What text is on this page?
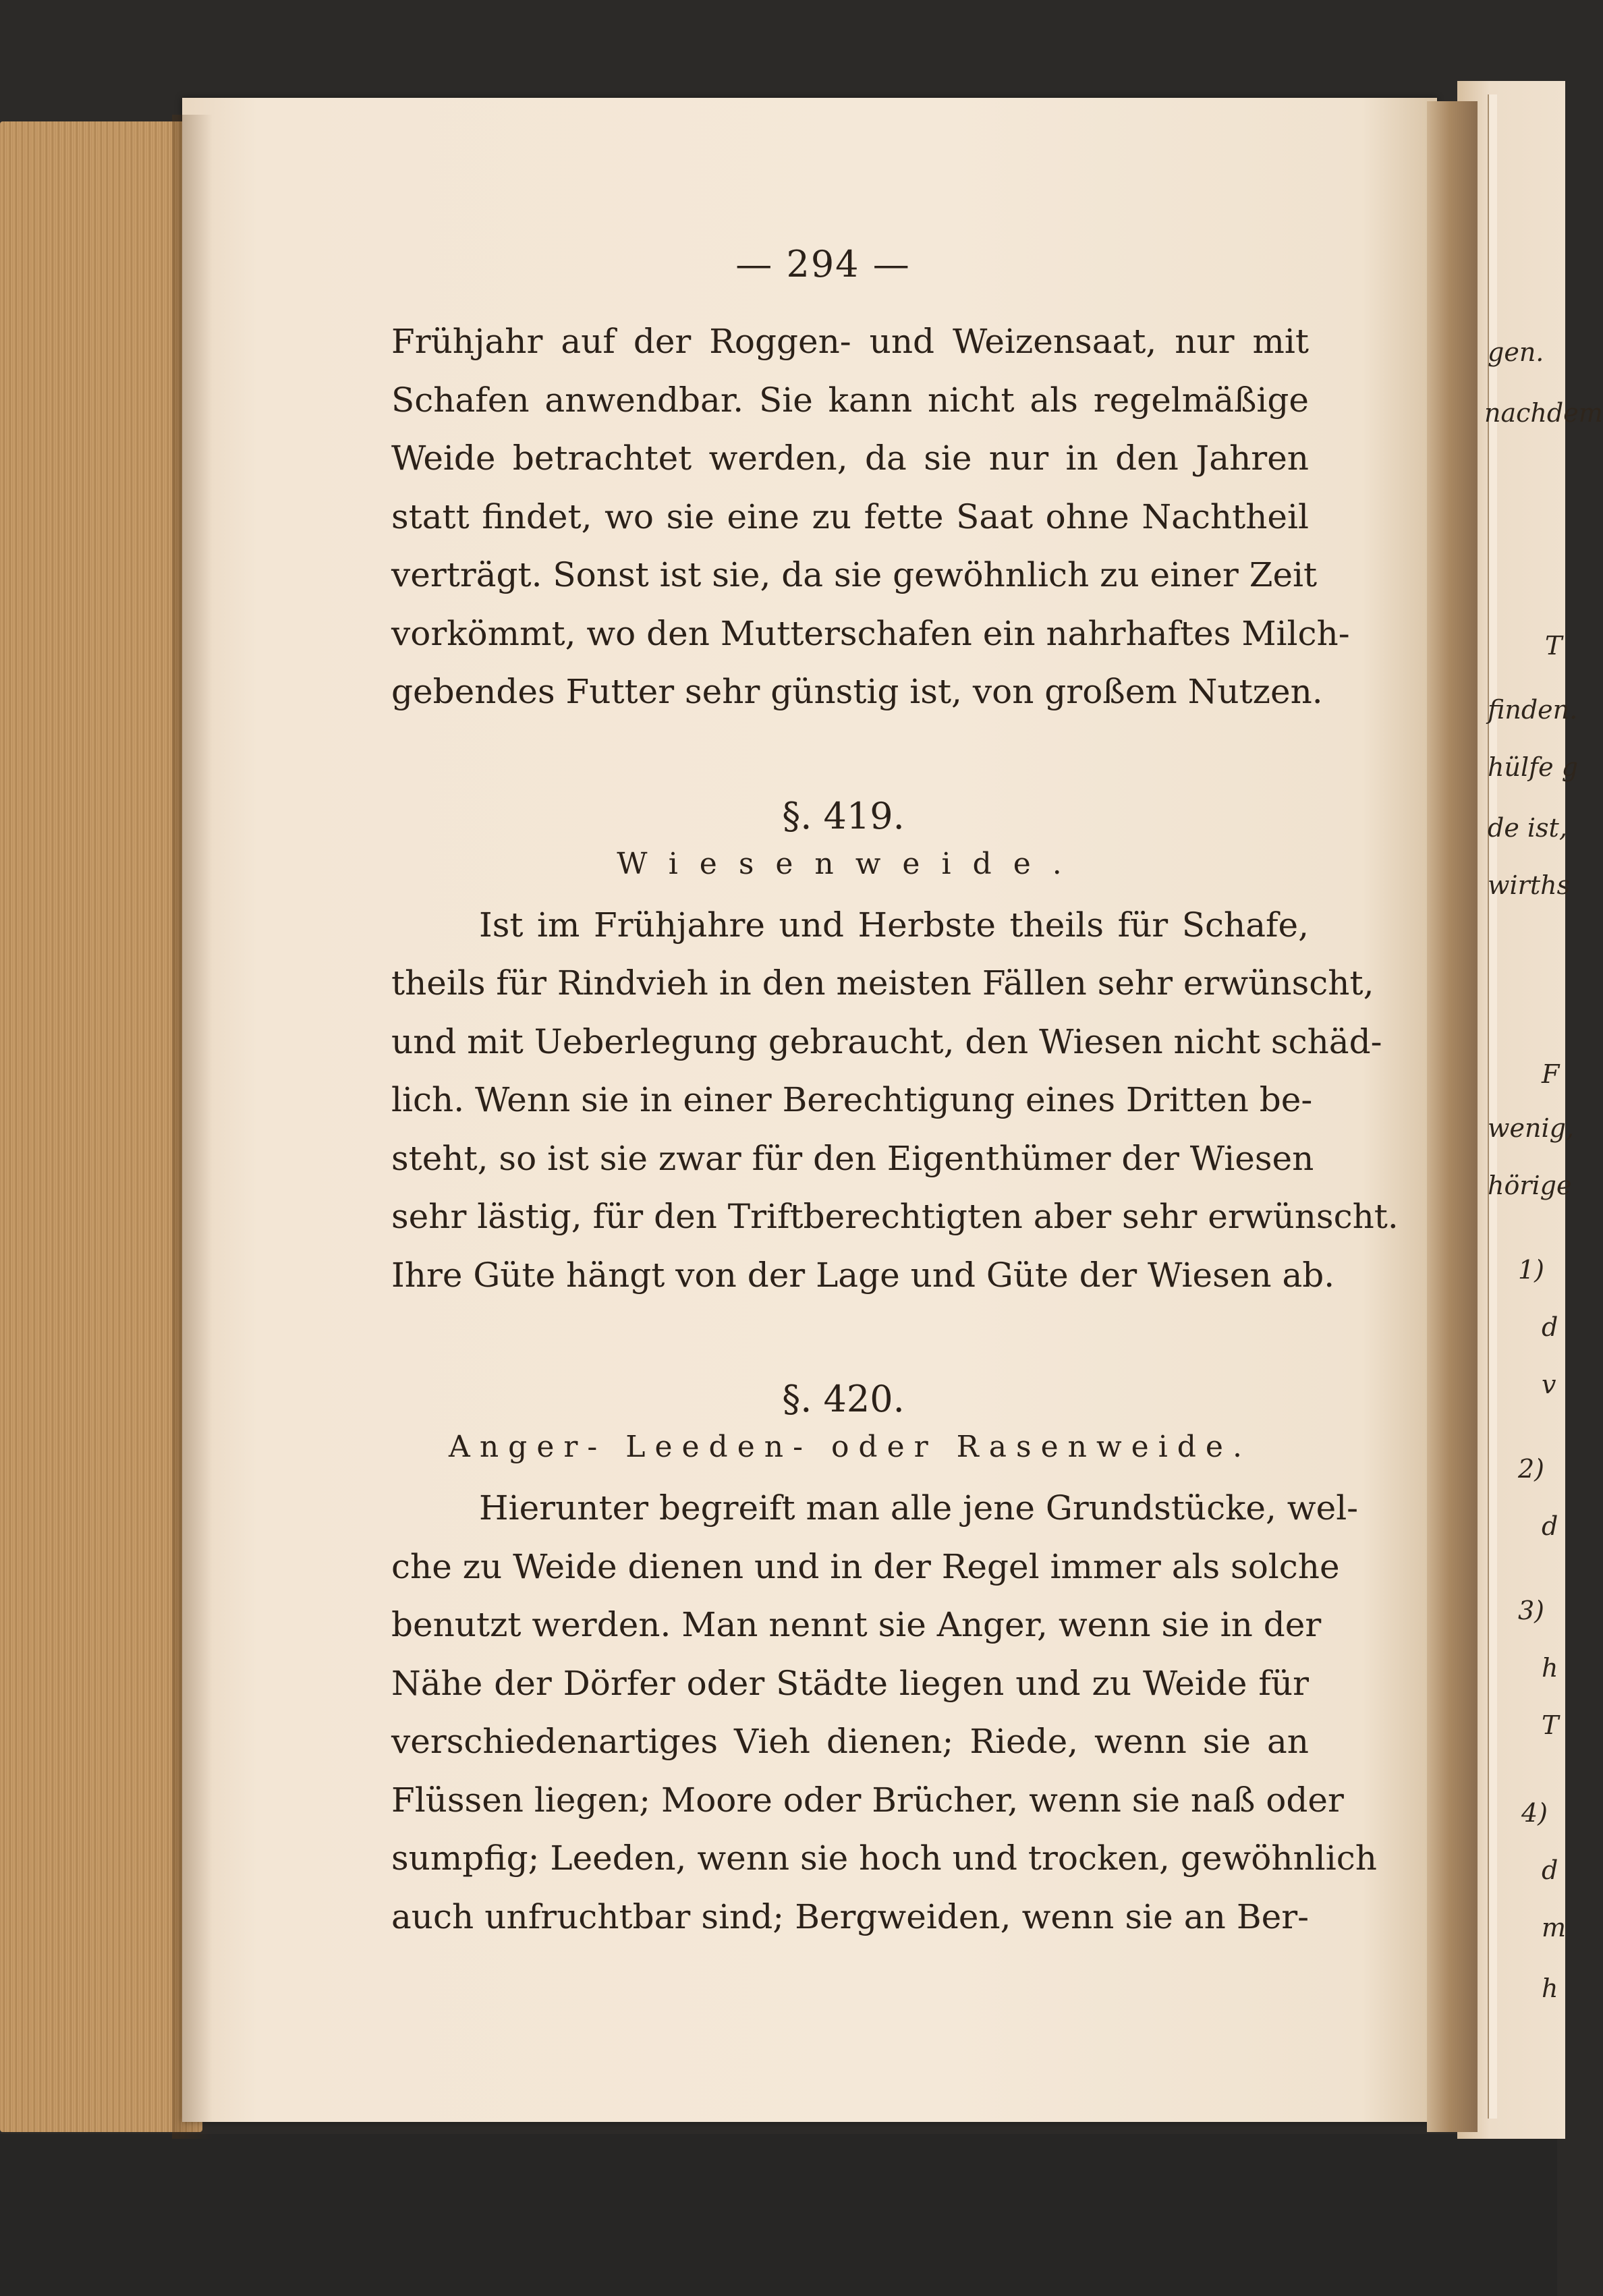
— 294 —
Frühjahr auf der Roggen- und Weizensaat, nur mit
Schafen anwendbar. Sie kann nicht als regelmäßige
Weide betrachtet werden, da sie nur in den Jahren
statt findet, wo sie eine zu fette Saat ohne Nachtheil
verträgt. Sonst ist sie, da sie gewöhnlich zu einer Zeit
vorkömmt, wo den Mutterschafen ein nahrhaftes Milch-
gebendes Futter sehr günstig ist, von großem Nutzen.
§. 419.
Wiesenweide.
Ist im Frühjahre und Herbste theils für Schafe,
theils für Rindvieh in den meisten Fällen sehr erwünscht,
und mit Ueberlegung gebraucht, den Wiesen nicht schäd-
lich. Wenn sie in einer Berechtigung eines Dritten be-
steht, so ist sie zwar für den Eigenthümer der Wiesen
sehr lästig, für den Triftberechtigten aber sehr erwünscht.
Ihre Güte hängt von der Lage und Güte der Wiesen ab.
§. 420.
Anger- Leeden- oder Rasenweide.
Hierunter begreift man alle jene Grundstücke, wel-
che zu Weide dienen und in der Regel immer als solche
benutzt werden. Man nennt sie Anger, wenn sie in der
Nähe der Dörfer oder Städte liegen und zu Weide für
verschiedenartiges Vieh dienen; Riede, wenn sie an
Flüssen liegen; Moore oder Brücher, wenn sie naß oder
sumpfig; Leeden, wenn sie hoch und trocken, gewöhnlich
auch unfruchtbar sind; Bergweiden, wenn sie an Ber-
gen.
nachdem
T
finden.
hülfe g
de ist,
wirths
F
wenig,
hörige
1)
d
v
2)
d
3)
h
T
4)
d
m
h
